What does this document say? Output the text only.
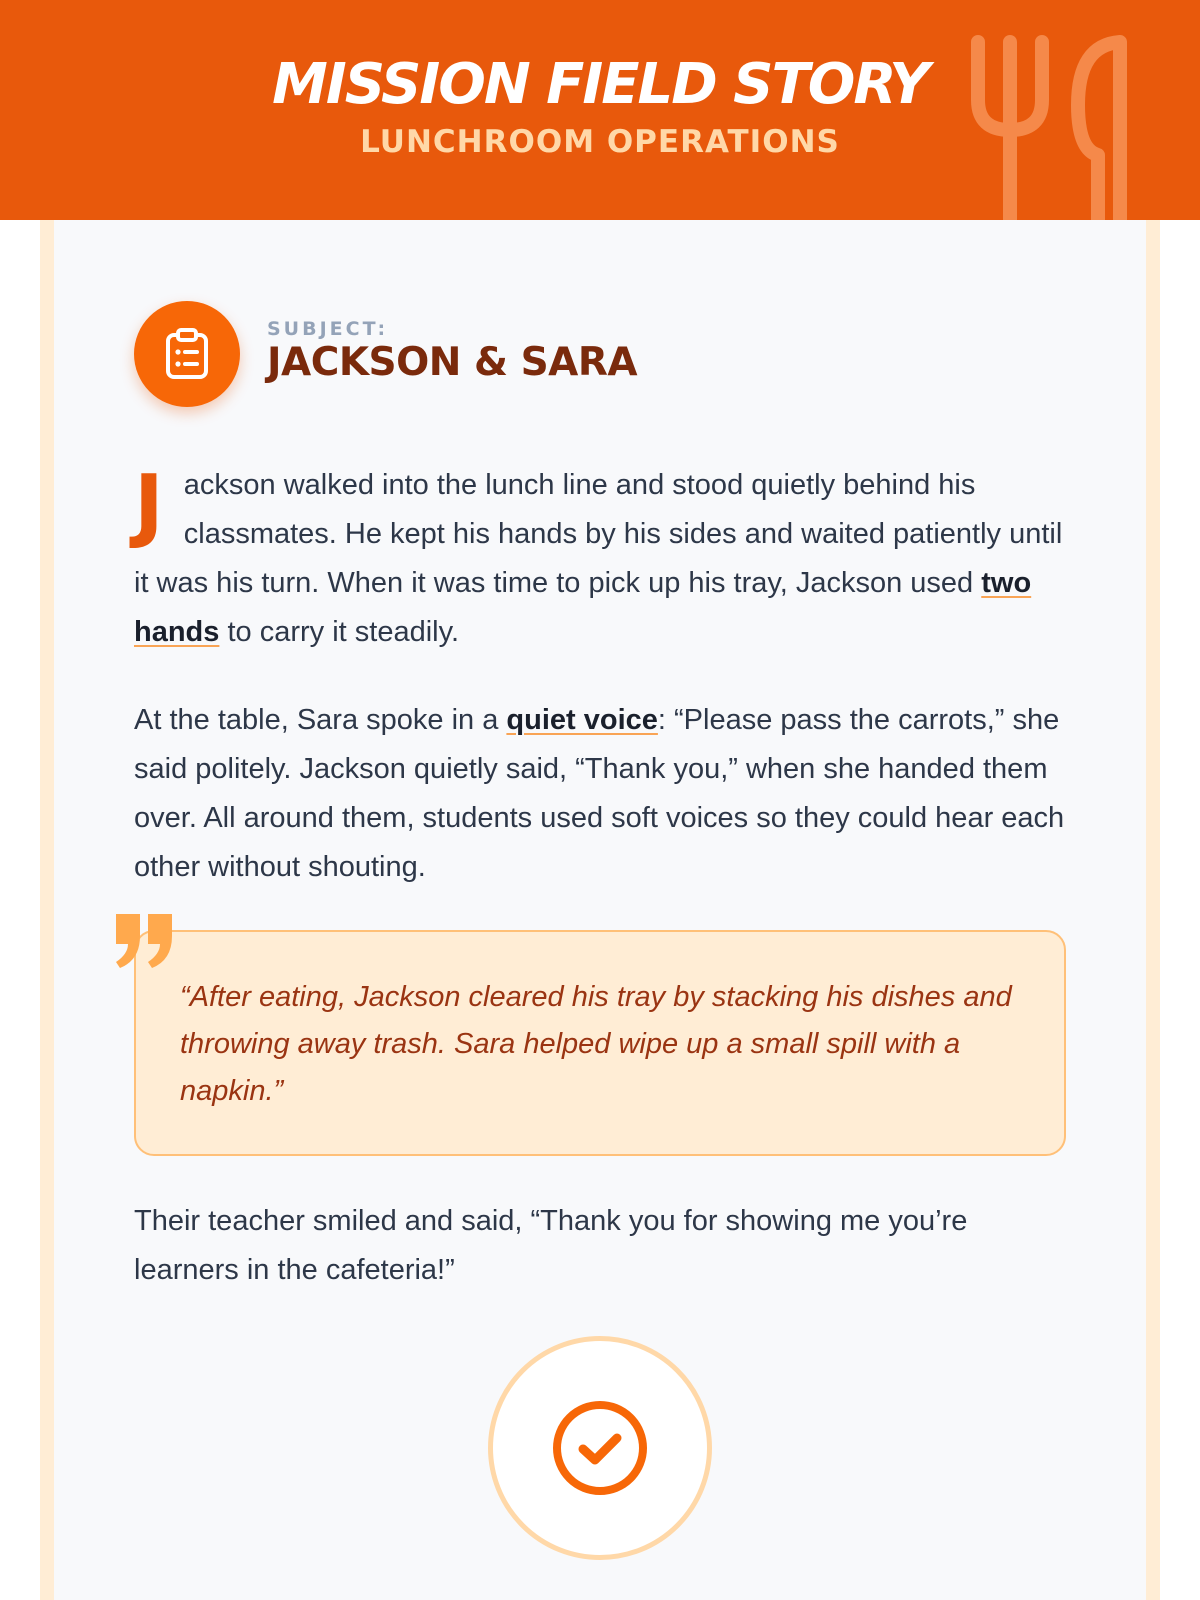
MISSION FIELD STORY
LUNCHROOM OPERATIONS
SUBJECT:
JACKSON & SARA

Jackson walked into the lunch line and stood quietly behind his classmates. He kept his hands by his sides and waited patiently until it was his turn. When it was time to pick up his tray, Jackson used two hands to carry it steadily.

At the table, Sara spoke in a quiet voice: “Please pass the carrots,” she said politely. Jackson quietly said, “Thank you,” when she handed them over. All around them, students used soft voices so they could hear each other without shouting.

“After eating, Jackson cleared his tray by stacking his dishes and throwing away trash. Sara helped wipe up a small spill with a napkin.”

Their teacher smiled and said, “Thank you for showing me you’re learners in the cafeteria!”
